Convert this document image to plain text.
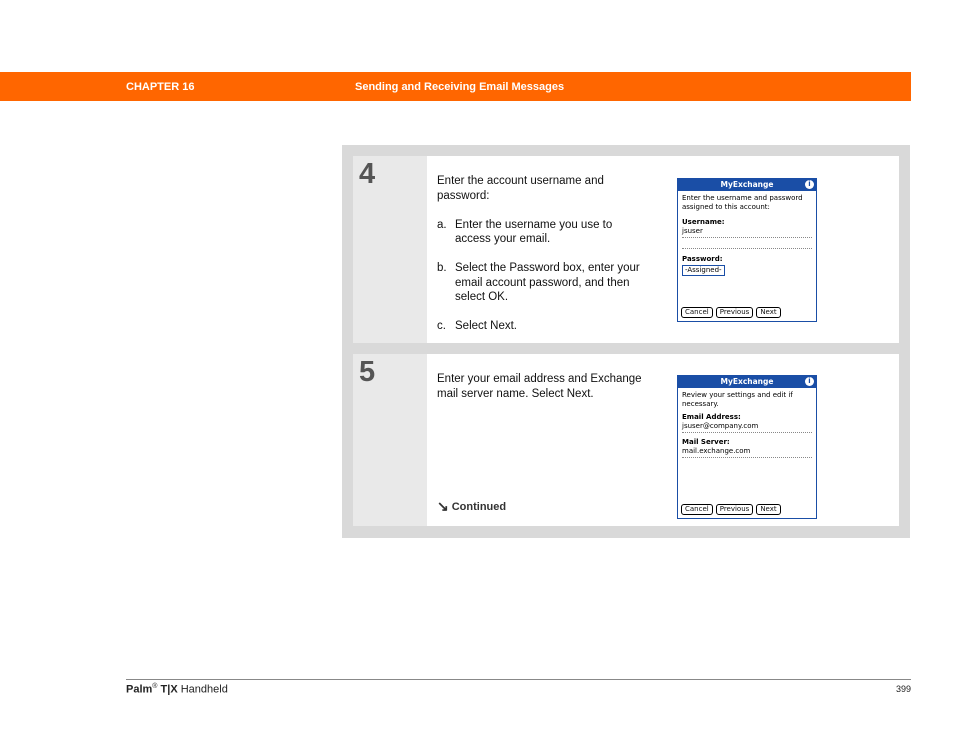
CHAPTER 16	Sending and Receiving Email Messages
4	Enter the account username and password:

a. Enter the username you use to access your email.
b. Select the Password box, enter your email account password, and then select OK.
c. Select Next.
MyExchange	i
Enter the username and password assigned to this account:
Username:
jsuser
Password:
-Assigned-
Cancel	Previous	Next
5	Enter your email address and Exchange mail server name. Select Next.

↘ Continued
MyExchange	i
Review your settings and edit if necessary.
Email Address:
jsuser@company.com
Mail Server:
mail.exchange.com
Cancel	Previous	Next
Palm® T|X Handheld	399
